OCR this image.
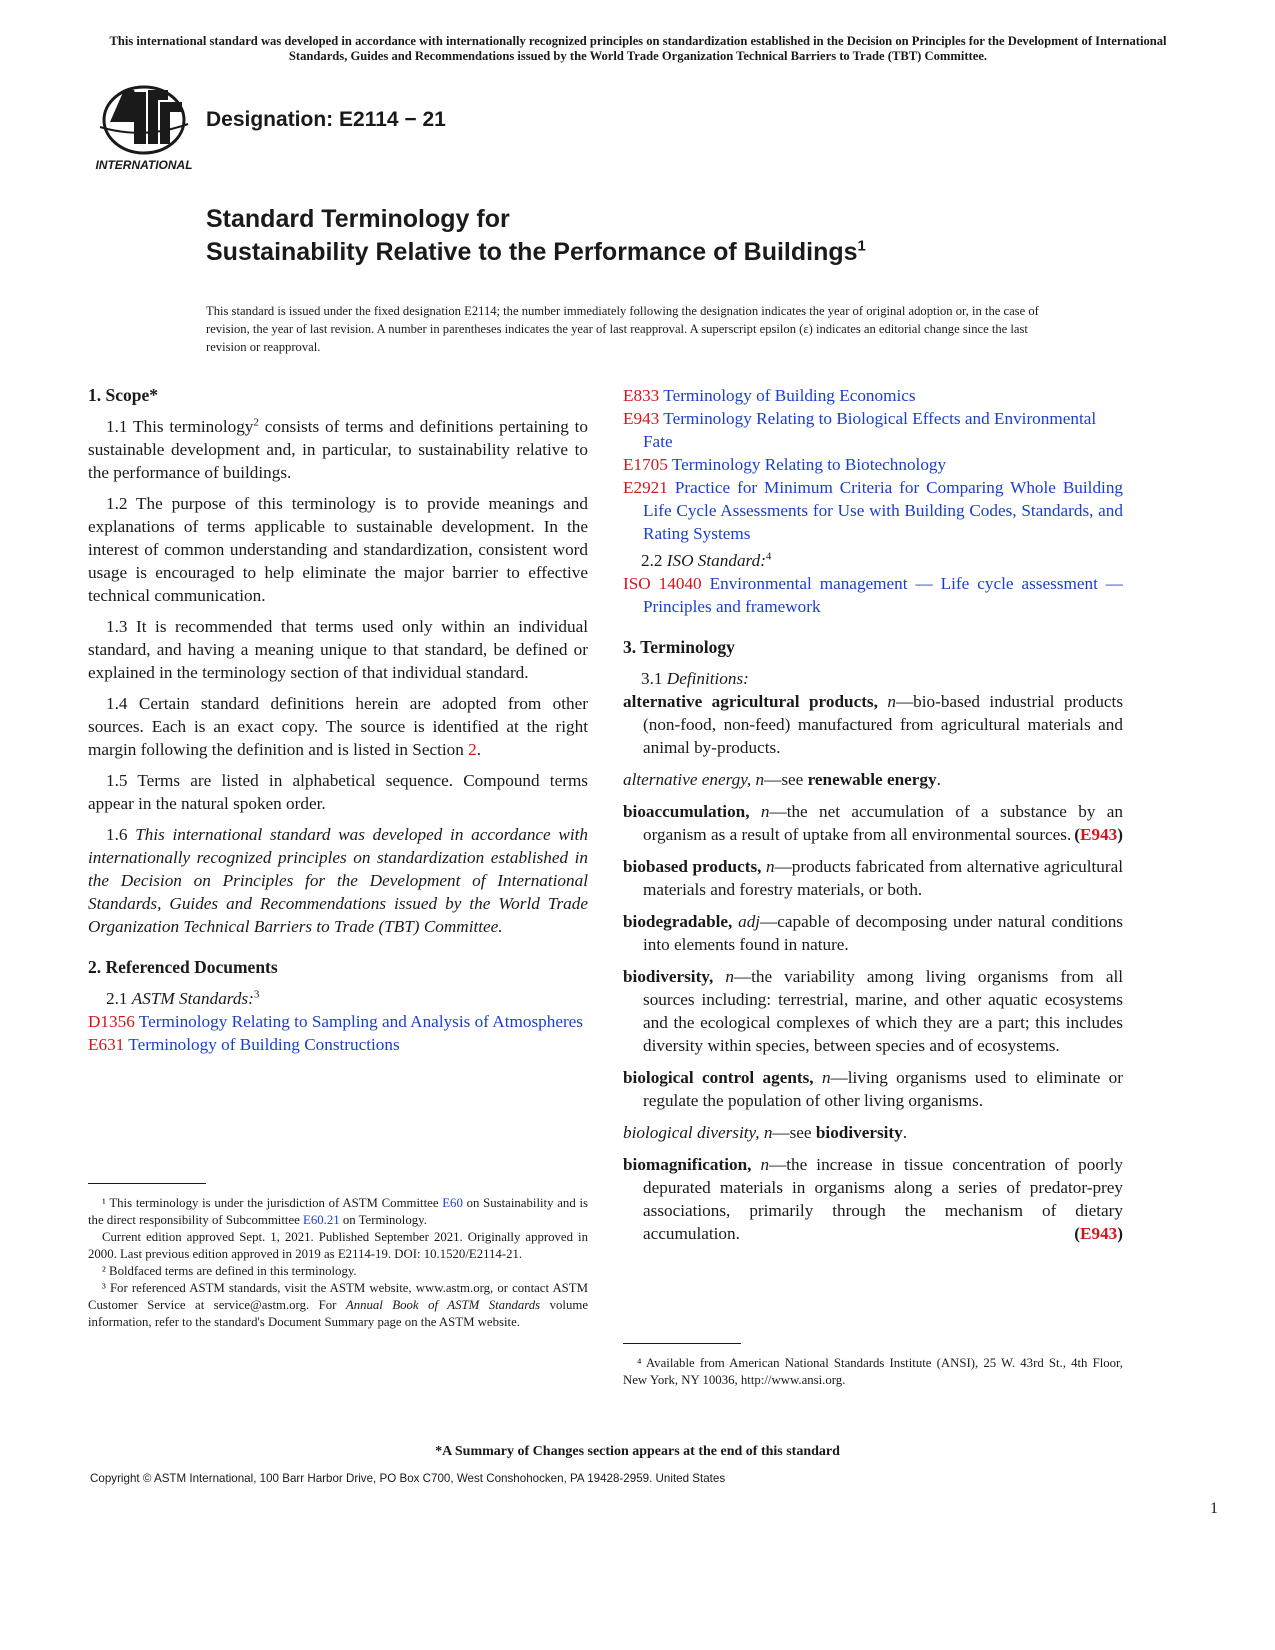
This international standard was developed in accordance with internationally recognized principles on standardization established in the Decision on Principles for the Development of International Standards, Guides and Recommendations issued by the World Trade Organization Technical Barriers to Trade (TBT) Committee.
INTERNATIONAL
Designation: E2114 − 21
Standard Terminology for
Sustainability Relative to the Performance of Buildings$^1$
This standard is issued under the fixed designation E2114; the number immediately following the designation indicates the year of original adoption or, in the case of revision, the year of last revision. A number in parentheses indicates the year of last reapproval. A superscript epsilon (ε) indicates an editorial change since the last revision or reapproval.
1. Scope*
1.1 This terminology$^2$ consists of terms and definitions pertaining to sustainable development and, in particular, to sustainability relative to the performance of buildings.
1.2 The purpose of this terminology is to provide meanings and explanations of terms applicable to sustainable development. In the interest of common understanding and standardization, consistent word usage is encouraged to help eliminate the major barrier to effective technical communication.
1.3 It is recommended that terms used only within an individual standard, and having a meaning unique to that standard, be defined or explained in the terminology section of that individual standard.
1.4 Certain standard definitions herein are adopted from other sources. Each is an exact copy. The source is identified at the right margin following the definition and is listed in Section 2.
1.5 Terms are listed in alphabetical sequence. Compound terms appear in the natural spoken order.
1.6 This international standard was developed in accordance with internationally recognized principles on standardization established in the Decision on Principles for the Development of International Standards, Guides and Recommendations issued by the World Trade Organization Technical Barriers to Trade (TBT) Committee.
2. Referenced Documents
2.1 ASTM Standards:$^3$
D1356 Terminology Relating to Sampling and Analysis of Atmospheres
E631 Terminology of Building Constructions

¹ This terminology is under the jurisdiction of ASTM Committee E60 on Sustainability and is the direct responsibility of Subcommittee E60.21 on Terminology.

Current edition approved Sept. 1, 2021. Published September 2021. Originally approved in 2000. Last previous edition approved in 2019 as E2114-19. DOI: 10.1520/E2114-21.

² Boldfaced terms are defined in this terminology.

³ For referenced ASTM standards, visit the ASTM website, www.astm.org, or contact ASTM Customer Service at service@astm.org. For Annual Book of ASTM Standards volume information, refer to the standard's Document Summary page on the ASTM website.

E833 Terminology of Building Economics
E943 Terminology Relating to Biological Effects and Environmental Fate
E1705 Terminology Relating to Biotechnology
E2921 Practice for Minimum Criteria for Comparing Whole Building Life Cycle Assessments for Use with Building Codes, Standards, and Rating Systems
2.2 ISO Standard:$^4$
ISO 14040 Environmental management — Life cycle assessment — Principles and framework
3. Terminology
3.1 Definitions:
alternative agricultural products, n—bio-based industrial products (non-food, non-feed) manufactured from agricultural materials and animal by-products.
alternative energy, n—see renewable energy.
bioaccumulation, n—the net accumulation of a substance by an organism as a result of uptake from all environmental sources. (E943)
biobased products, n—products fabricated from alternative agricultural materials and forestry materials, or both.
biodegradable, adj—capable of decomposing under natural conditions into elements found in nature.
biodiversity, n—the variability among living organisms from all sources including: terrestrial, marine, and other aquatic ecosystems and the ecological complexes of which they are a part; this includes diversity within species, between species and of ecosystems.
biological control agents, n—living organisms used to eliminate or regulate the population of other living organisms.
biological diversity, n—see biodiversity.
biomagnification, n—the increase in tissue concentration of poorly depurated materials in organisms along a series of predator-prey associations, primarily through the mechanism of dietary accumulation.	(E943)

⁴ Available from American National Standards Institute (ANSI), 25 W. 43rd St., 4th Floor, New York, NY 10036, http://www.ansi.org.

*A Summary of Changes section appears at the end of this standard
Copyright © ASTM International, 100 Barr Harbor Drive, PO Box C700, West Conshohocken, PA 19428-2959. United States
1
